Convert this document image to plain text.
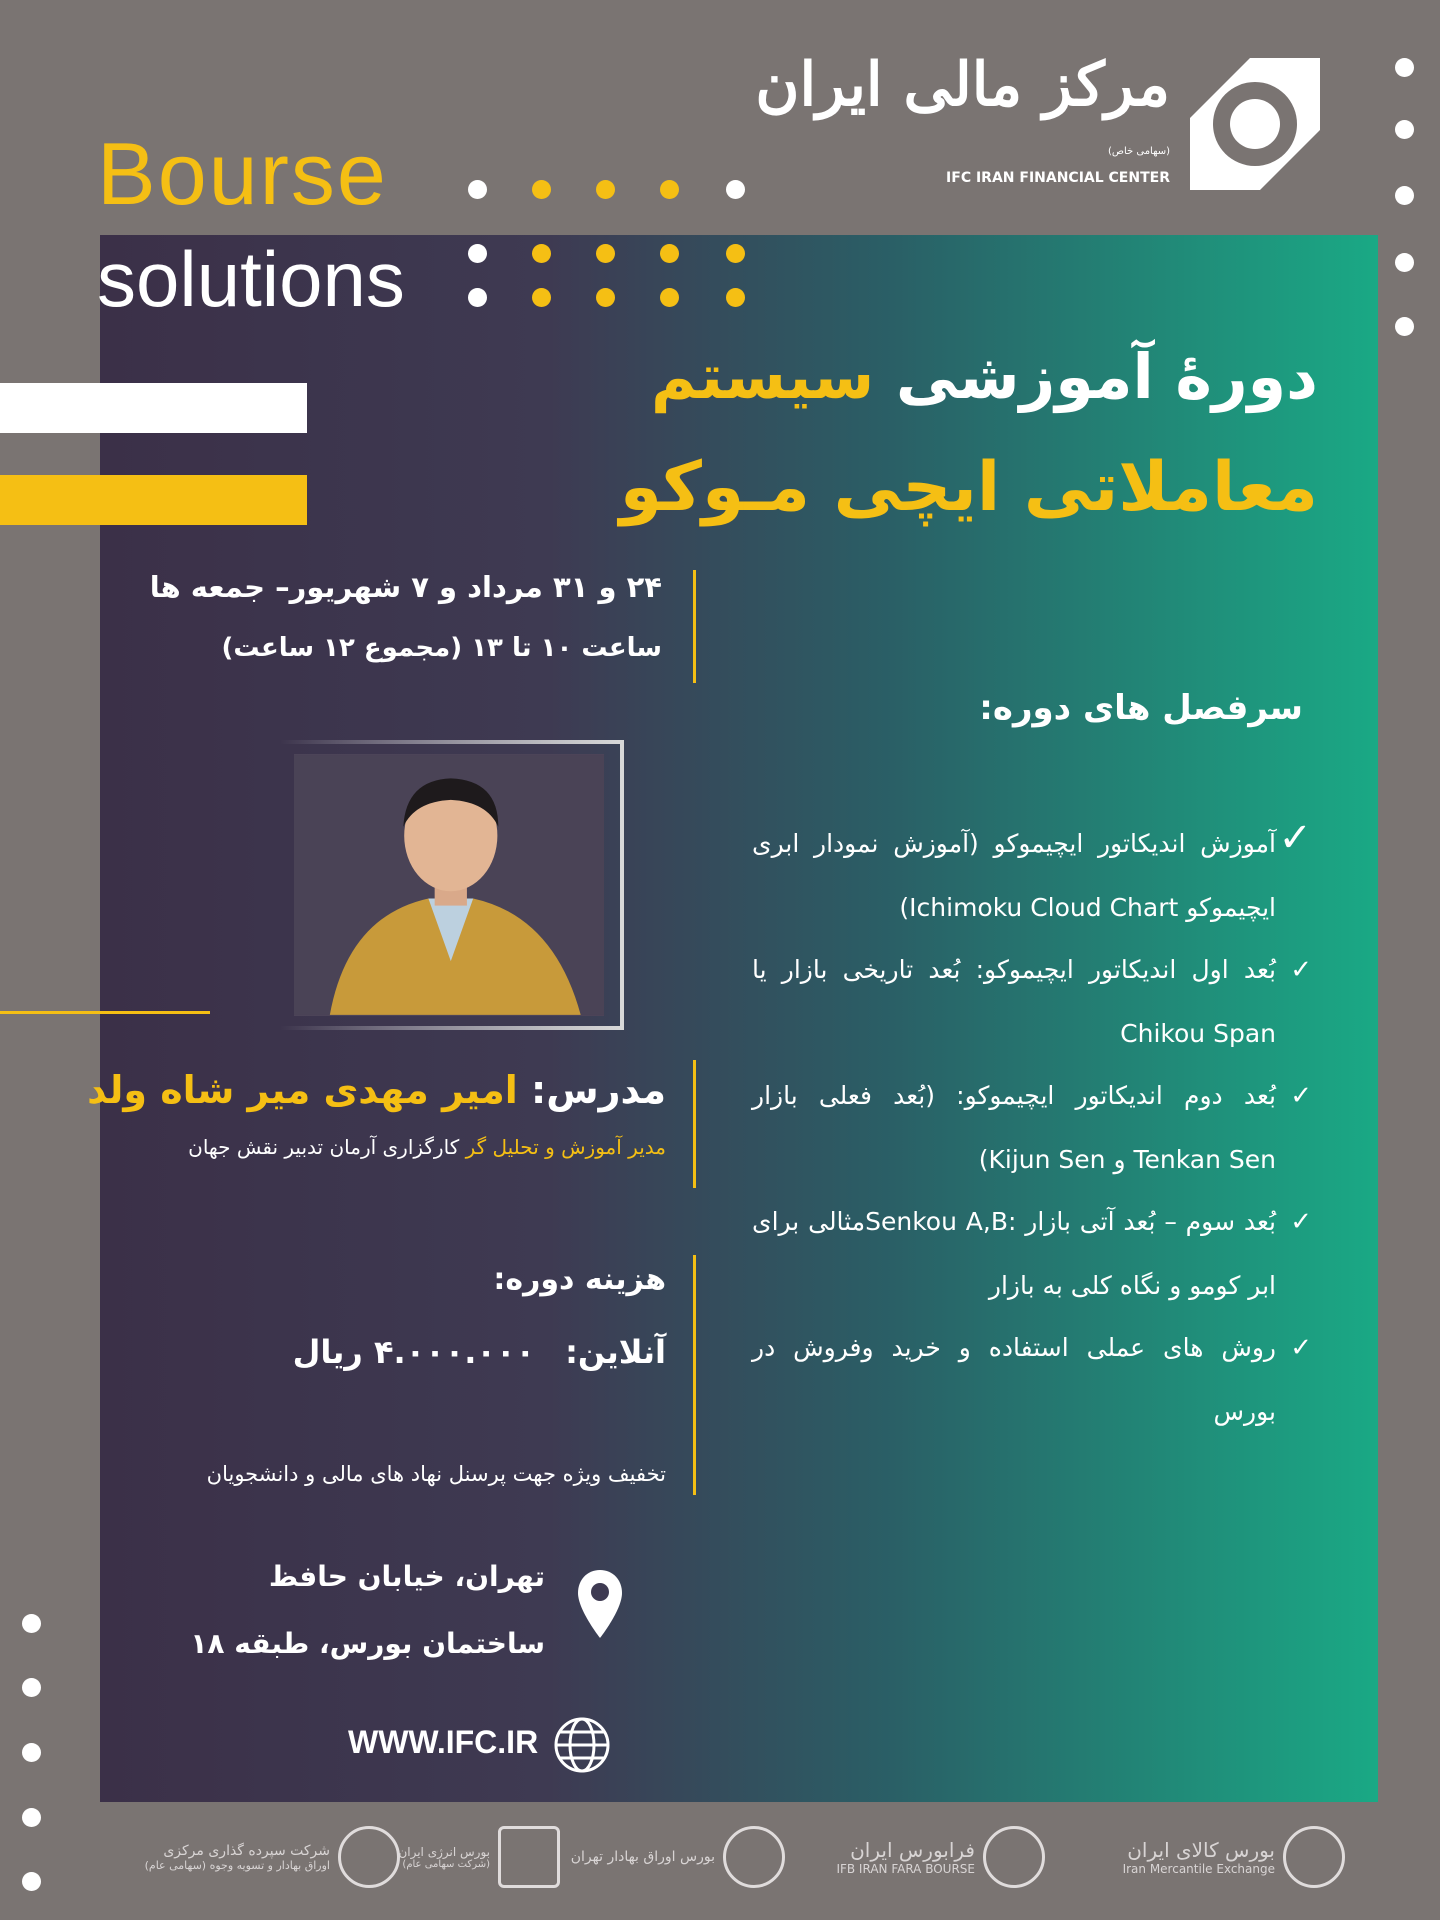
Bourse
solutions
مرکز مالی ایران
(سهامی خاص)
IFC IRAN FINANCIAL CENTER
دورهٔ آموزشی سیستم
معاملاتی ایچی مـوکو
۲۴ و ۳۱ مرداد و ۷ شهریور– جمعه ها
ساعت ۱۰ تا ۱۳ (مجموع ۱۲ ساعت)
سرفصل های دوره:
✓
آموزش اندیکاتور ایچیموکو (آموزش نمودار ابری ایچیموکو Ichimoku Cloud Chart)
✓
بُعد اول اندیکاتور ایچیموکو: بُعد تاریخی بازار یا Chikou Span
✓
بُعد دوم اندیکاتور ایچیموکو: (بُعد فعلی بازار Tenkan Sen و Kijun Sen)
✓
بُعد سوم – بُعد آتی بازار :Senkou A,Bمثالی برای ابر کومو و نگاه کلی به بازار
✓
روش های عملی استفاده و خرید وفروش در بورس
مدرس: امیر مهدی میر شاه ولد
مدیر آموزش و تحلیل گر کارگزاری آرمان تدبیر نقش جهان
هزینه دوره:
آنلاین:
۴.۰۰۰.۰۰۰ ریال
تخفیف ویژه جهت پرسنل نهاد های مالی و دانشجویان
تهران، خیابان حافظ
ساختمان بورس، طبقه ۱۸
WWW.IFC.IR
بورس کالای ایران
Iran Mercantile Exchange
فرابورس ایران
IFB IRAN FARA BOURSE
بورس اوراق بهادار تهران
بورس انرژی ایران
(شرکت سهامی عام)
شرکت سپرده گذاری مرکزی
اوراق بهادار و تسویه وجوه (سهامی عام)
